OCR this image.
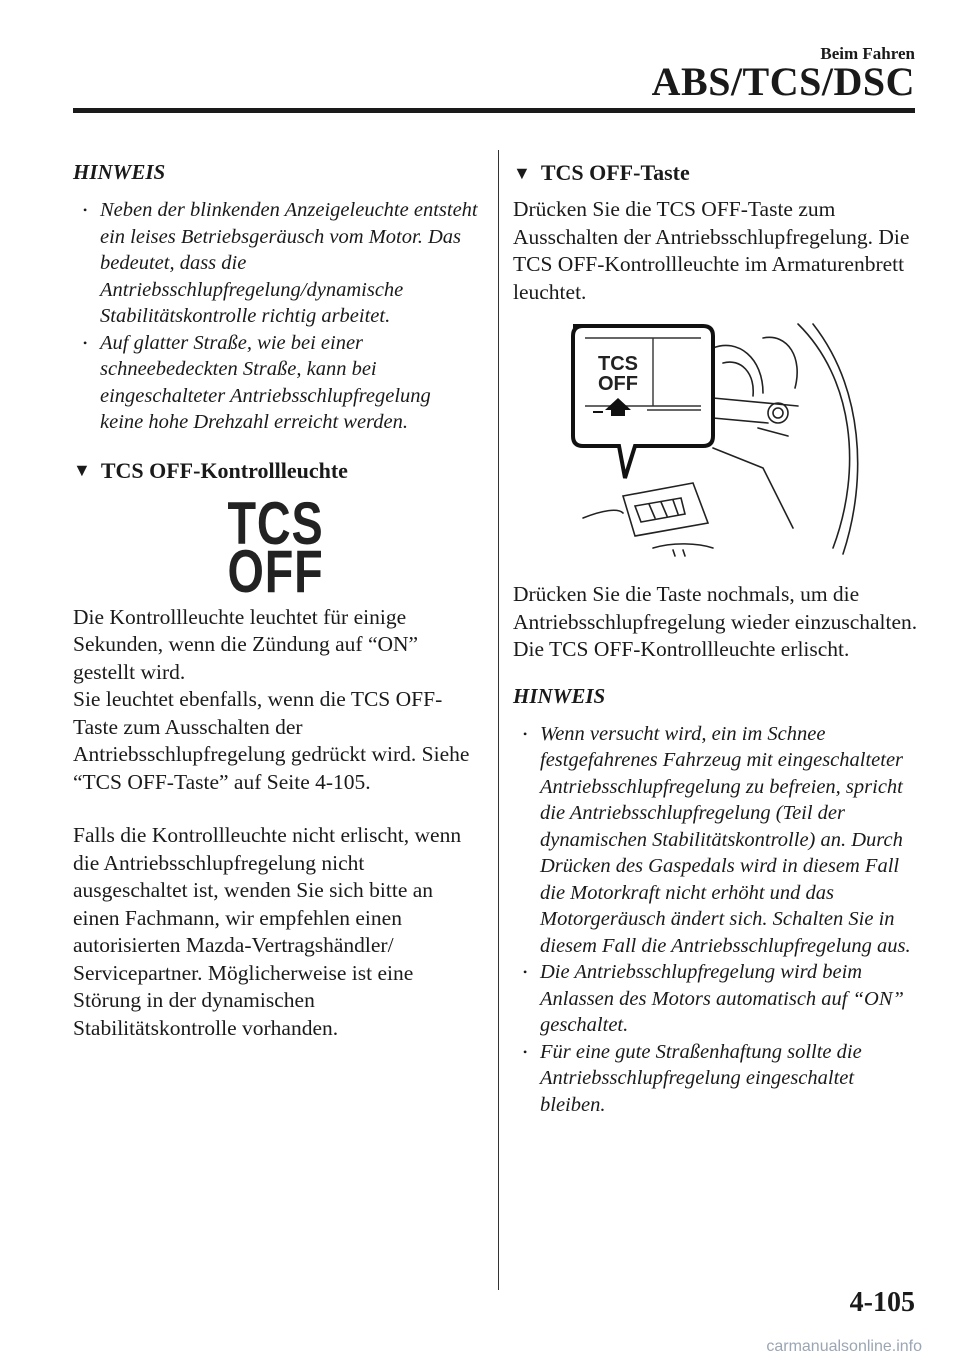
Beim Fahren
ABS/TCS/DSC
HINWEIS
• Neben der blinkenden Anzeigeleuchte entsteht ein leises Betriebsgeräusch vom Motor. Das bedeutet, dass die Antriebsschlupfregelung/dynamische Stabilitätskontrolle richtig arbeitet.
• Auf glatter Straße, wie bei einer schneebedeckten Straße, kann bei eingeschalteter Antriebsschlupfregelung keine hohe Drehzahl erreicht werden.
▼ TCS OFF-Kontrollleuchte
TCS
OFF

Die Kontrollleuchte leuchtet für einige Sekunden, wenn die Zündung auf “ON” gestellt wird.

Sie leuchtet ebenfalls, wenn die TCS OFF-Taste zum Ausschalten der Antriebsschlupfregelung gedrückt wird. Siehe “TCS OFF-Taste” auf Seite 4-105.

Falls die Kontrollleuchte nicht erlischt, wenn die Antriebsschlupfregelung nicht ausgeschaltet ist, wenden Sie sich bitte an einen Fachmann, wir empfehlen einen autorisierten Mazda-Vertragshändler/ Servicepartner. Möglicherweise ist eine Störung in der dynamischen Stabilitätskontrolle vorhanden.

▼ TCS OFF-Taste

Drücken Sie die TCS OFF-Taste zum Ausschalten der Antriebsschlupfregelung. Die TCS OFF-Kontrollleuchte im Armaturenbrett leuchtet.

TCS
OFF

Drücken Sie die Taste nochmals, um die Antriebsschlupfregelung wieder einzuschalten. Die TCS OFF-Kontrollleuchte erlischt.

HINWEIS
• Wenn versucht wird, ein im Schnee festgefahrenes Fahrzeug mit eingeschalteter Antriebsschlupfregelung zu befreien, spricht die Antriebsschlupfregelung (Teil der dynamischen Stabilitätskontrolle) an. Durch Drücken des Gaspedals wird in diesem Fall die Motorkraft nicht erhöht und das Motorgeräusch ändert sich. Schalten Sie in diesem Fall die Antriebsschlupfregelung aus.
• Die Antriebsschlupfregelung wird beim Anlassen des Motors automatisch auf “ON” geschaltet.
• Für eine gute Straßenhaftung sollte die Antriebsschlupfregelung eingeschaltet bleiben.
4-105
carmanualsonline.info
